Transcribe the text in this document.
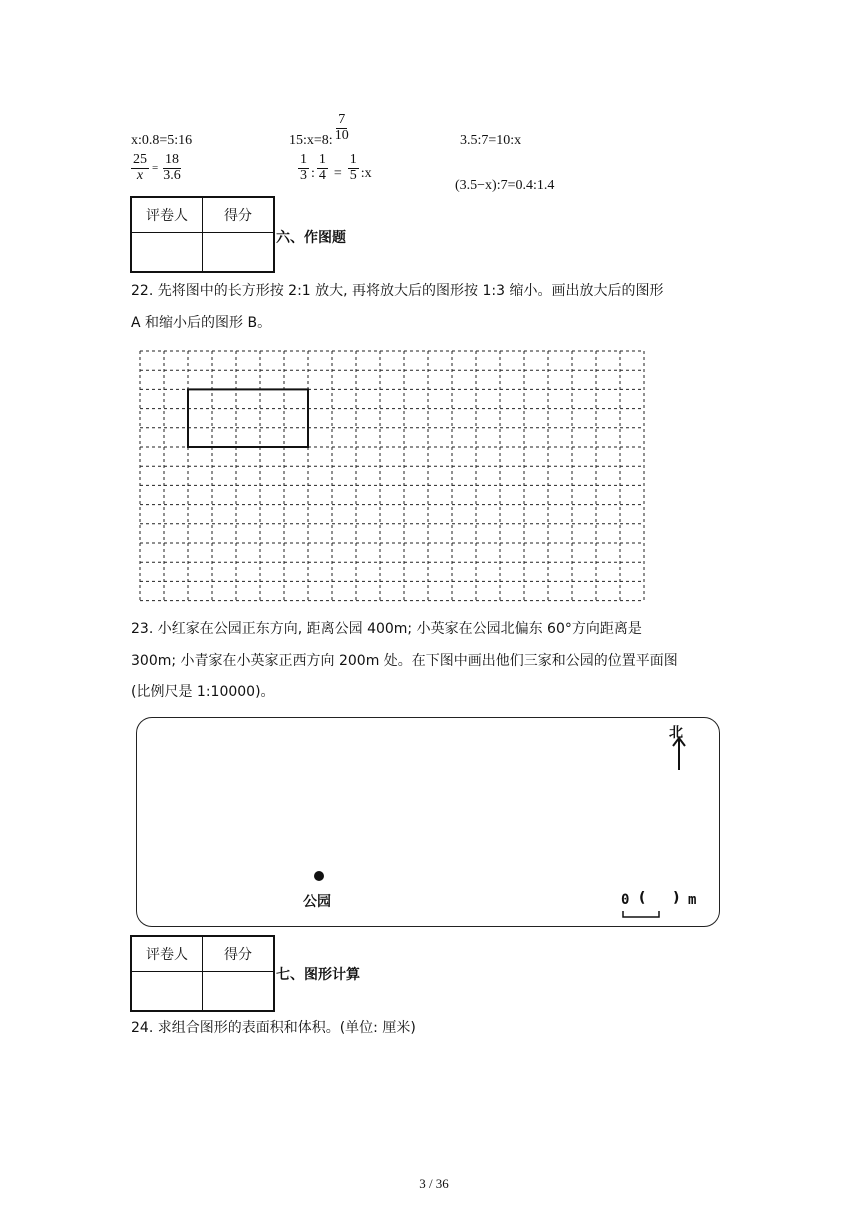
x:0.8=5:16	15:x=8: $\frac{7}{10}$	3.5:7=10:x
$\frac{25}{x} = \frac{18}{3.6}$	$\frac{1}{3}$ : $\frac{1}{4} = \frac{1}{5}$ :x
(3.5−x):7=0.4:1.4
评卷人	得分

六、作图题
22. 先将图中的长方形按 2:1 放大, 再将放大后的图形按 1:3 缩小。画出放大后的图形
A 和缩小后的图形 B。
23. 小红家在公园正东方向, 距离公园 400m; 小英家在公园北偏东 60°方向距离是
300m; 小青家在小英家正西方向 200m 处。在下图中画出他们三家和公园的位置平面图
(比例尺是 1:10000)。
北
公园	0 ( ) m
评卷人	得分

七、图形计算
24. 求组合图形的表面积和体积。(单位: 厘米)
3 / 36
